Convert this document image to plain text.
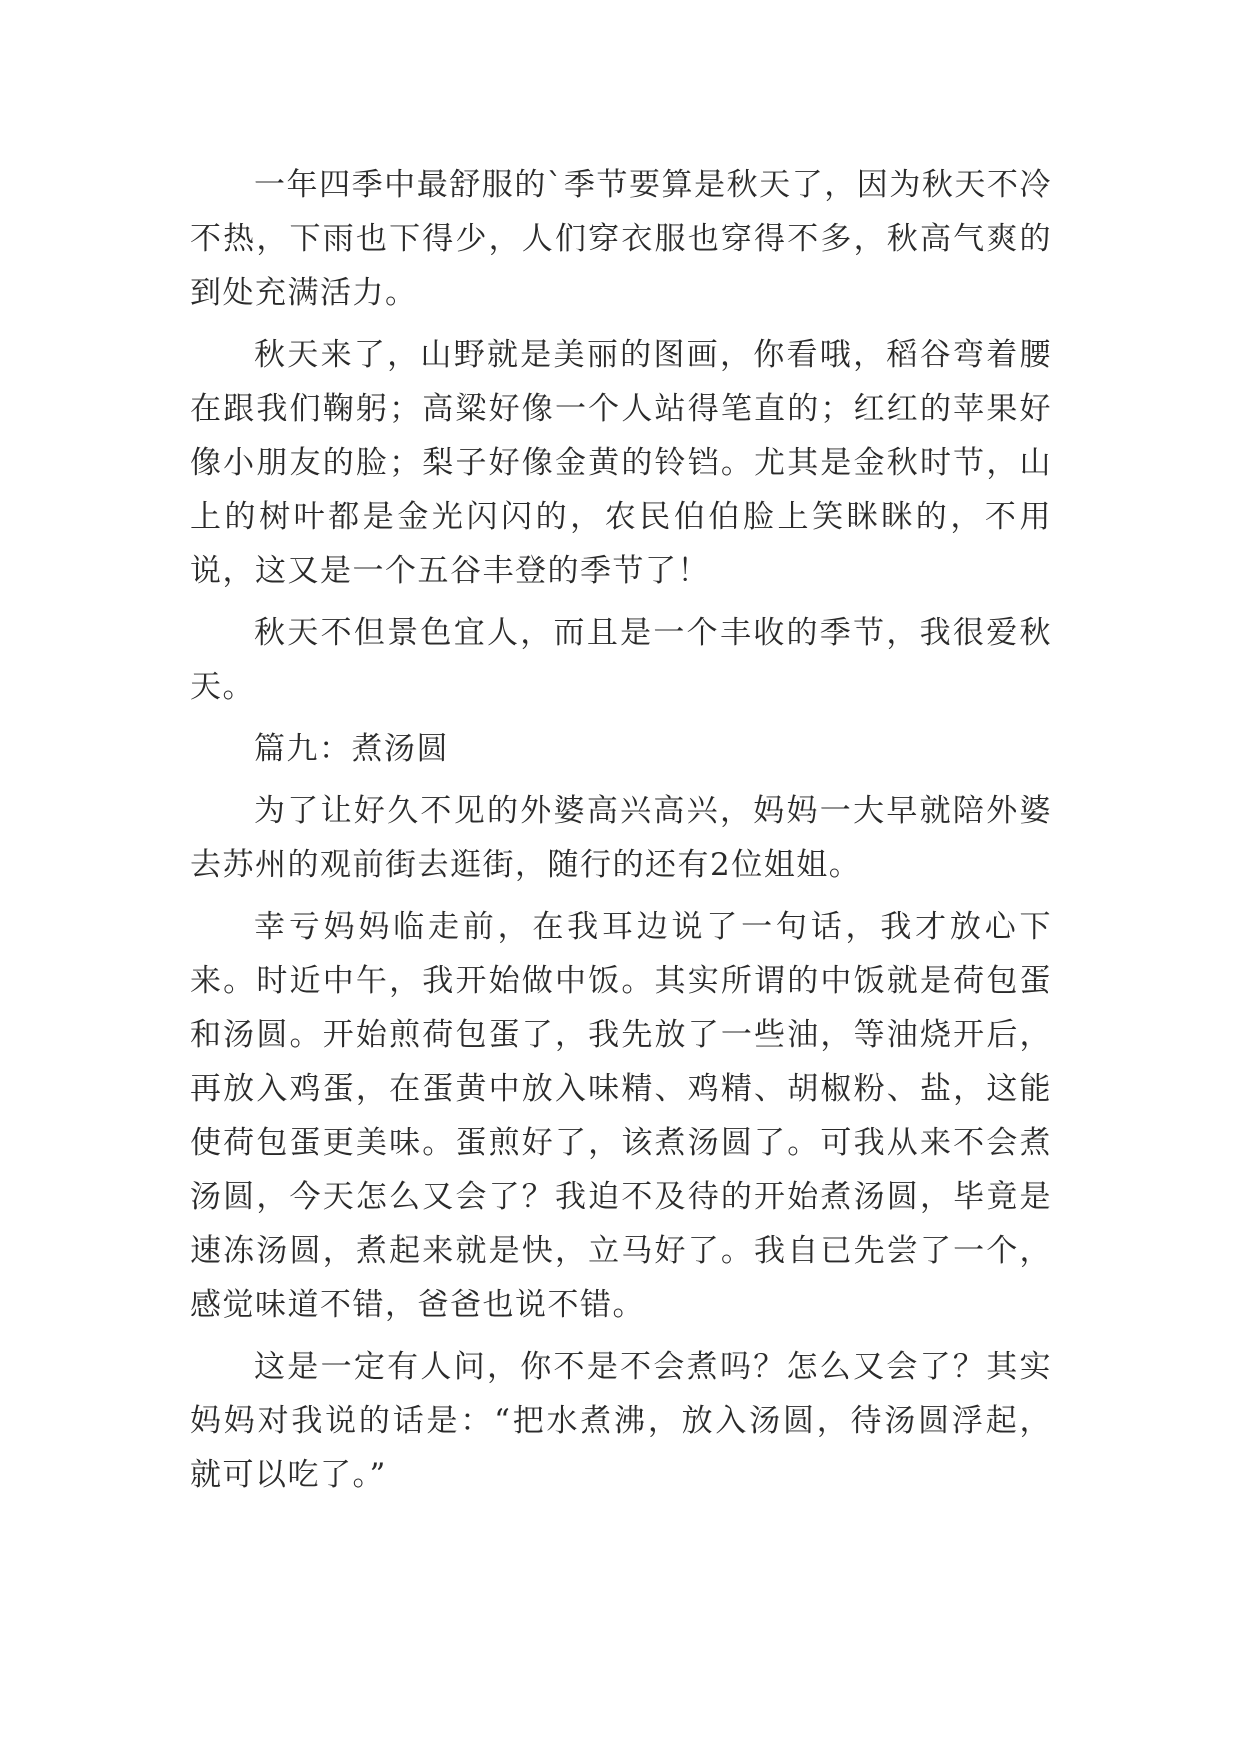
一年四季中最舒服的`季节要算是秋天了，因为秋天不冷不热，下雨也下得少，人们穿衣服也穿得不多，秋高气爽的到处充满活力。

秋天来了，山野就是美丽的图画，你看哦，稻谷弯着腰在跟我们鞠躬；高粱好像一个人站得笔直的；红红的苹果好像小朋友的脸；梨子好像金黄的铃铛。尤其是金秋时节，山上的树叶都是金光闪闪的，农民伯伯脸上笑眯眯的，不用说，这又是一个五谷丰登的季节了！

秋天不但景色宜人，而且是一个丰收的季节，我很爱秋天。

篇九：煮汤圆

为了让好久不见的外婆高兴高兴，妈妈一大早就陪外婆去苏州的观前街去逛街，随行的还有2位姐姐。

幸亏妈妈临走前，在我耳边说了一句话，我才放心下来。时近中午，我开始做中饭。其实所谓的中饭就是荷包蛋和汤圆。开始煎荷包蛋了，我先放了一些油，等油烧开后，再放入鸡蛋，在蛋黄中放入味精、鸡精、胡椒粉、盐，这能使荷包蛋更美味。蛋煎好了，该煮汤圆了。可我从来不会煮汤圆，今天怎么又会了？我迫不及待的开始煮汤圆，毕竟是速冻汤圆，煮起来就是快，立马好了。我自已先尝了一个，感觉味道不错，爸爸也说不错。

这是一定有人问，你不是不会煮吗？怎么又会了？其实妈妈对我说的话是：“把水煮沸，放入汤圆，待汤圆浮起，就可以吃了。”
